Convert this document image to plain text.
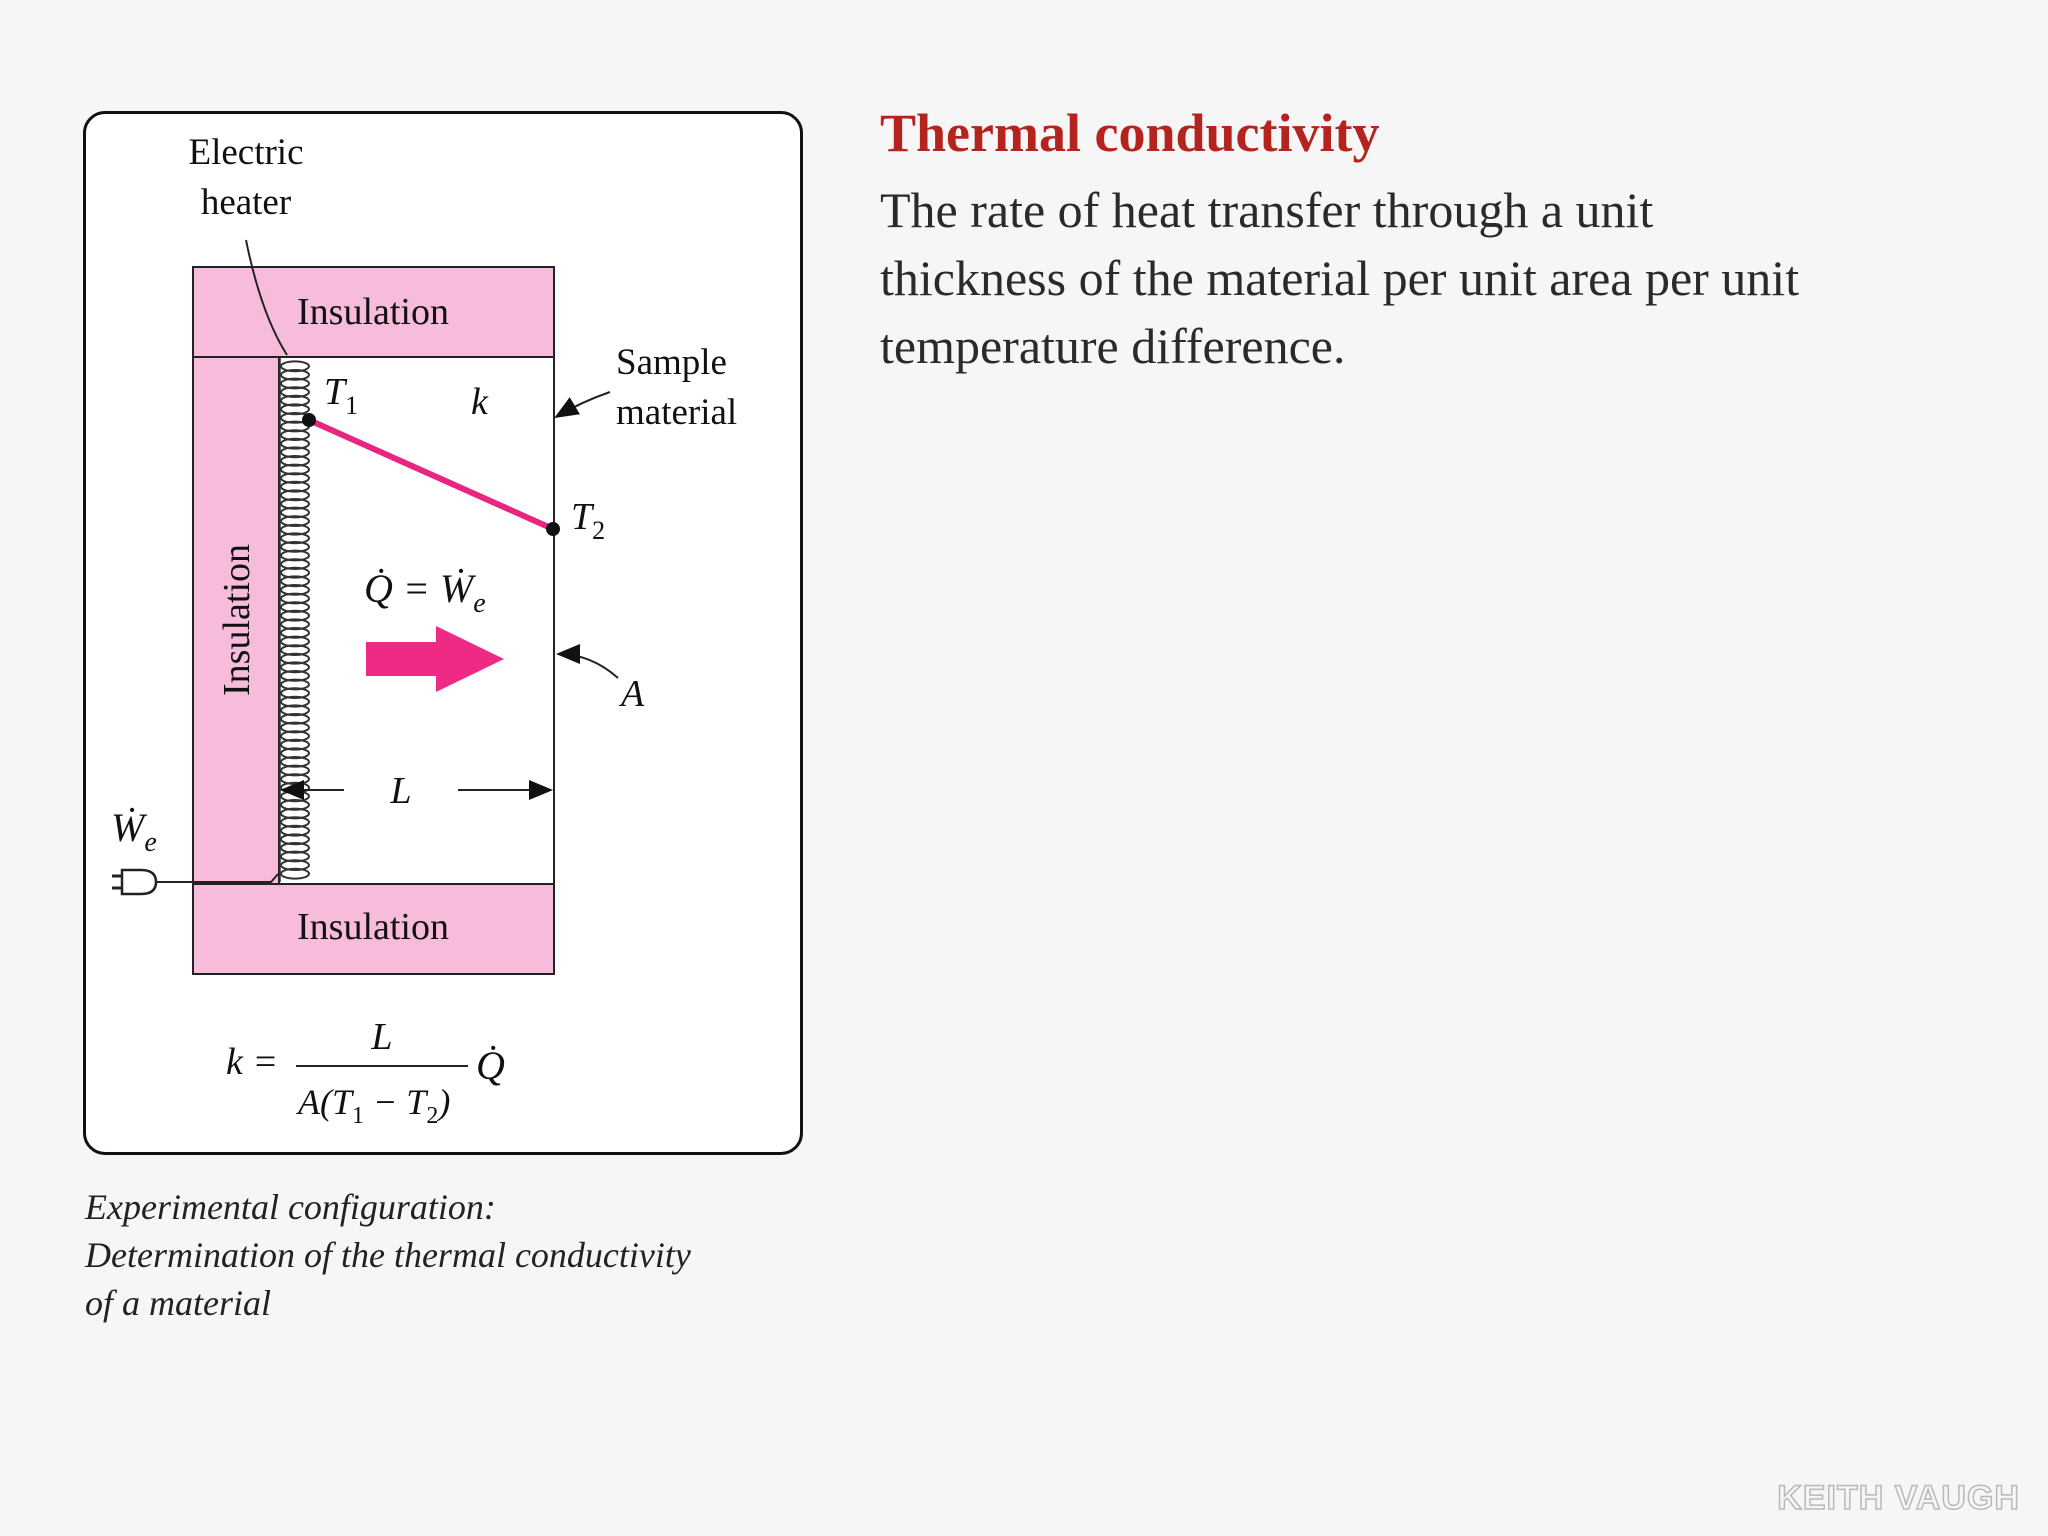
Electric
heater
Insulation
Insulation
Insulation
Sample
material
$T_1$	k
$T_2$
Q̇ = Ẇ$_e$
A
L
Ẇ$_e$
k =
L
$A(T_1 - T_2)$
Q̇
Experimental configuration:
Determination of the thermal conductivity
of a material
Thermal conductivity
The rate of heat transfer through a unit
thickness of the material per unit area per unit
temperature difference.
KEITH VAUGH
